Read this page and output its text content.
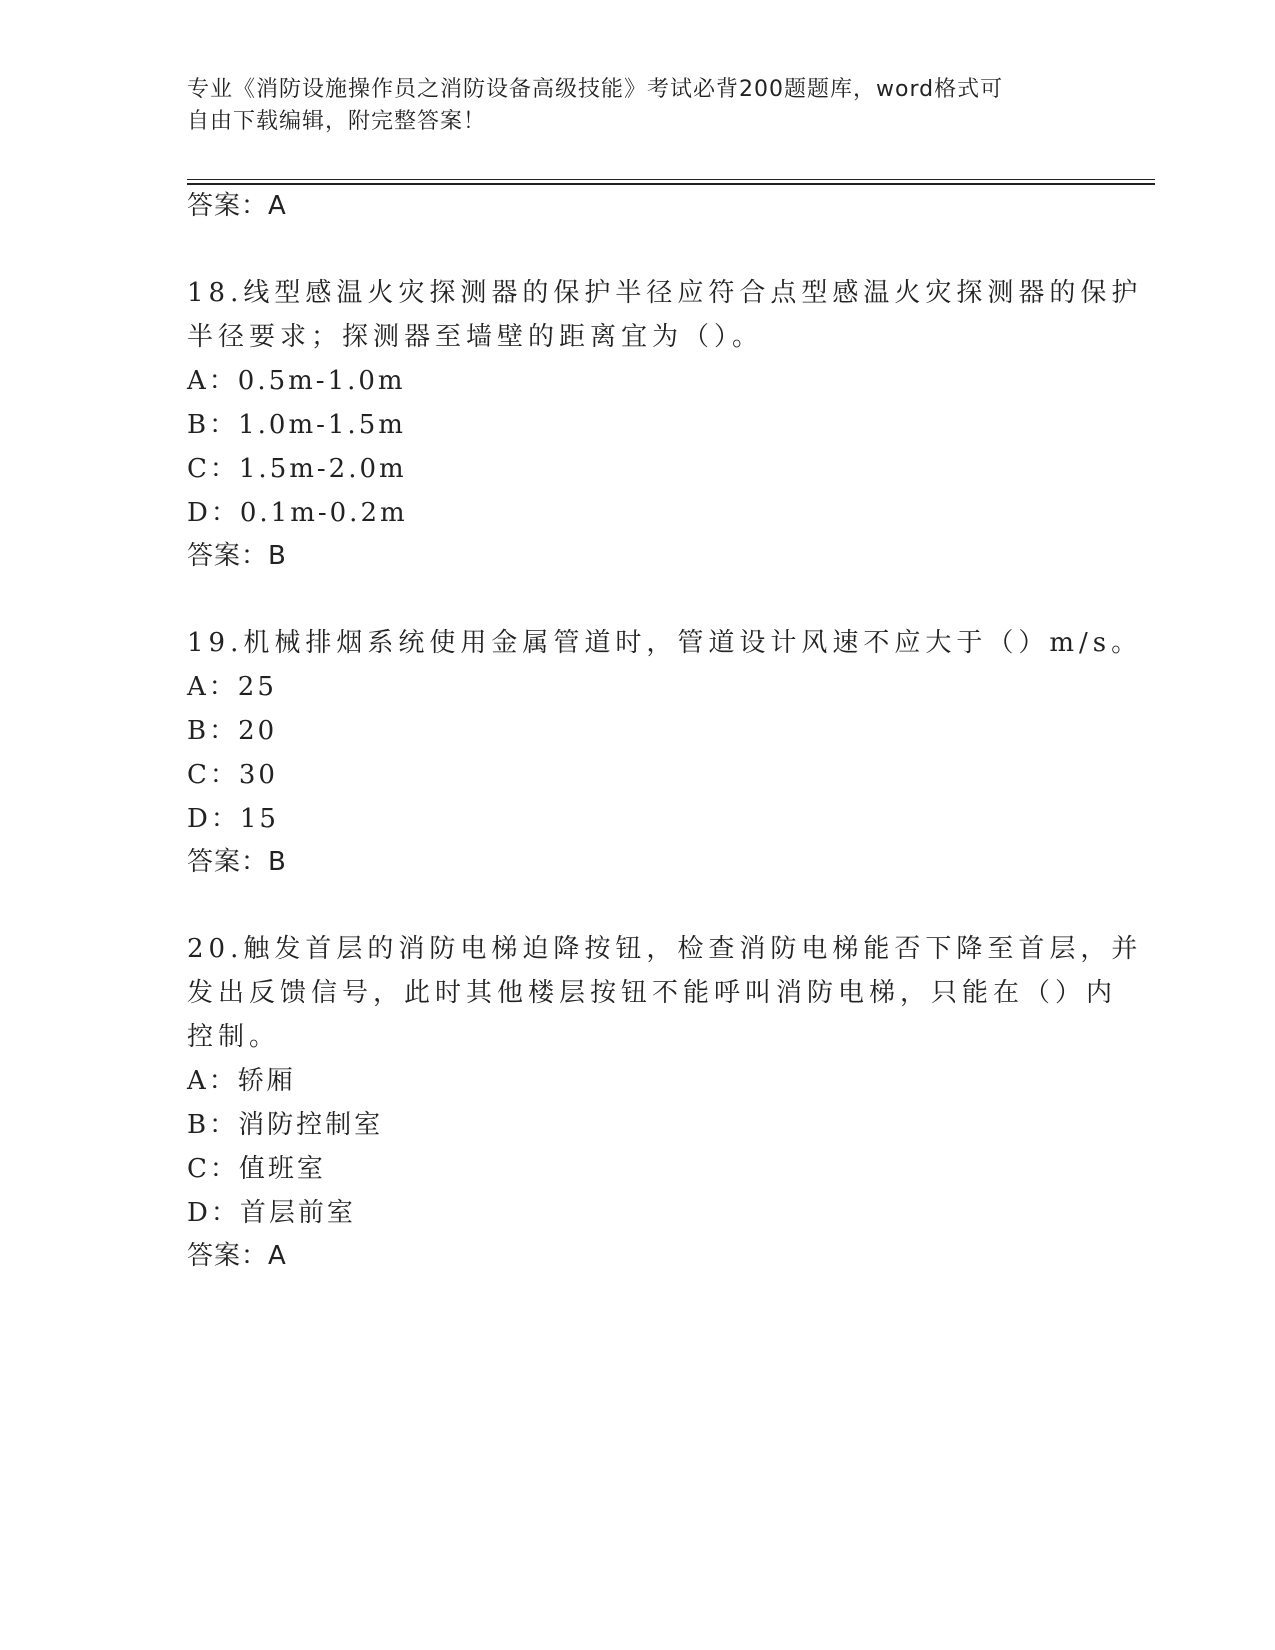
专业《消防设施操作员之消防设备高级技能》考试必背200题题库，word格式可
自由下载编辑，附完整答案！
答案：A
18.线型感温火灾探测器的保护半径应符合点型感温火灾探测器的保护
半径要求；探测器至墙壁的距离宜为（）。
A：0.5m-1.0m
B：1.0m-1.5m
C：1.5m-2.0m
D：0.1m-0.2m
答案：B
19.机械排烟系统使用金属管道时，管道设计风速不应大于（）m/s。
A：25
B：20
C：30
D：15
答案：B
20.触发首层的消防电梯迫降按钮，检查消防电梯能否下降至首层，并
发出反馈信号，此时其他楼层按钮不能呼叫消防电梯，只能在（）内
控制。
A：轿厢
B：消防控制室
C：值班室
D：首层前室
答案：A
